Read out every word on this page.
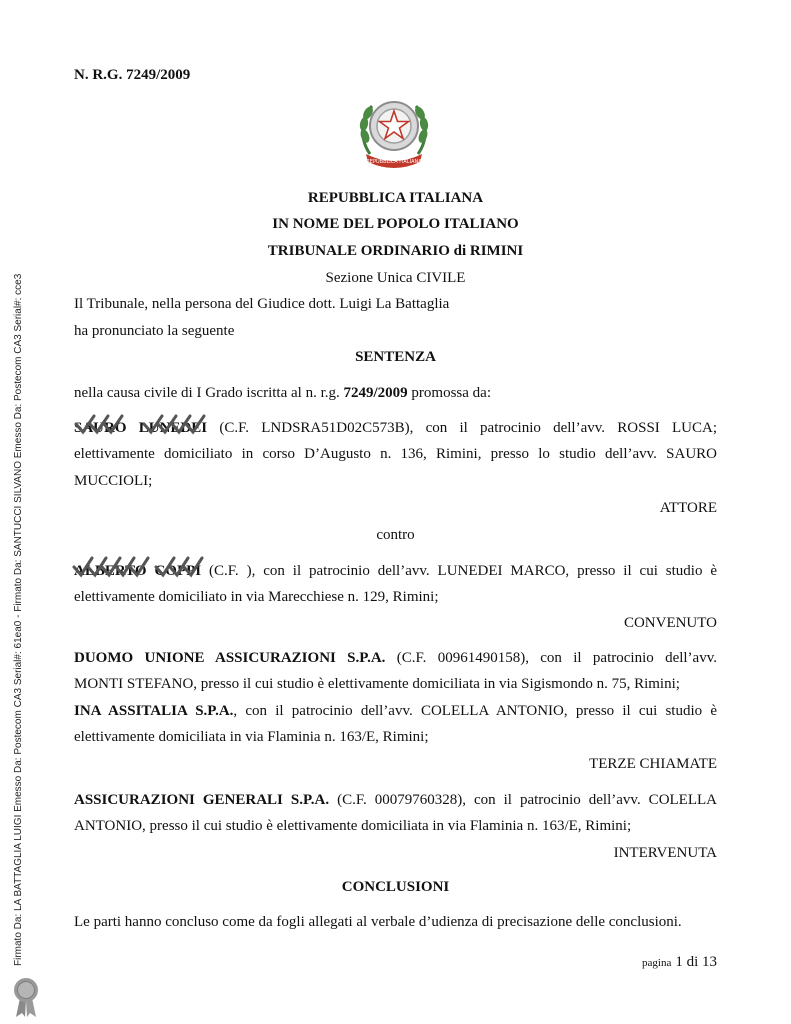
Firmato Da: LA BATTAGLIA LUIGI Emesso Da: Postecom CA3 Serial#: 61ea0 - Firmato Da: SANTUCCI SILVANO Emesso Da: Postecom CA3 Serial#: cce3
N. R.G. 7249/2009
REPUBBLICA ITALIANA
REPUBBLICA ITALIANA
IN NOME DEL POPOLO ITALIANO
TRIBUNALE ORDINARIO di RIMINI
Sezione Unica CIVILE
Il Tribunale, nella persona del Giudice dott. Luigi La Battaglia
ha pronunciato la seguente
SENTENZA
nella causa civile di I Grado iscritta al n. r.g. 7249/2009 promossa da:
SAURO LUNEDEI (C.F. LNDSRA51D02C573B), con il patrocinio dell’avv. ROSSI LUCA;
elettivamente domiciliato in corso D’Augusto n. 136, Rimini, presso lo studio dell’avv. SAURO
MUCCIOLI;
ATTORE
contro
ALBERTO COPPI (C.F. ), con il patrocinio dell’avv. LUNEDEI MARCO, presso il cui studio è
elettivamente domiciliato in via Marecchiese n. 129, Rimini;
CONVENUTO
DUOMO UNIONE ASSICURAZIONI S.P.A. (C.F. 00961490158), con il patrocinio dell’avv.
MONTI STEFANO, presso il cui studio è elettivamente domiciliata in via Sigismondo n. 75, Rimini;
INA ASSITALIA S.P.A., con il patrocinio dell’avv. COLELLA ANTONIO, presso il cui studio è
elettivamente domiciliata in via Flaminia n. 163/E, Rimini;
TERZE CHIAMATE
ASSICURAZIONI GENERALI S.P.A. (C.F. 00079760328), con il patrocinio dell’avv. COLELLA
ANTONIO, presso il cui studio è elettivamente domiciliata in via Flaminia n. 163/E, Rimini;
INTERVENUTA
CONCLUSIONI
Le parti hanno concluso come da fogli allegati al verbale d’udienza di precisazione delle conclusioni.
pagina 1 di 13
